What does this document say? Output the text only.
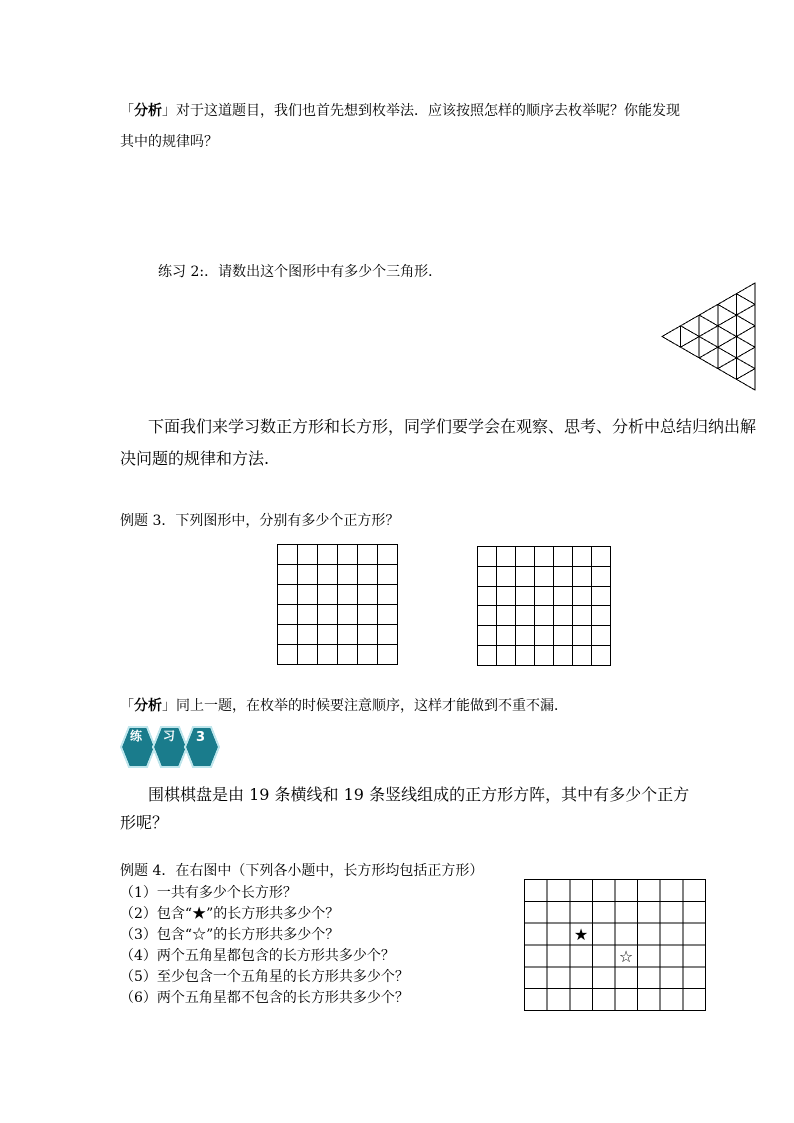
「分析」对于这道题目，我们也首先想到枚举法．应该按照怎样的顺序去枚举呢？你能发现
其中的规律吗？
练习 2:．请数出这个图形中有多少个三角形．
下面我们来学习数正方形和长方形，同学们要学会在观察、思考、分析中总结归纳出解
决问题的规律和方法.
例题 3．下列图形中，分别有多少个正方形？
「分析」同上一题，在枚举的时候要注意顺序，这样才能做到不重不漏．
练 习 3
围棋棋盘是由 19 条横线和 19 条竖线组成的正方形方阵，其中有多少个正方
形呢？
例题 4．在右图中（下列各小题中，长方形均包括正方形）
（1）一共有多少个长方形？
（2）包含“★”的长方形共多少个？
（3）包含“☆”的长方形共多少个？
（4）两个五角星都包含的长方形共多少个？
（5）至少包含一个五角星的长方形共多少个？
（6）两个五角星都不包含的长方形共多少个？
★
☆
